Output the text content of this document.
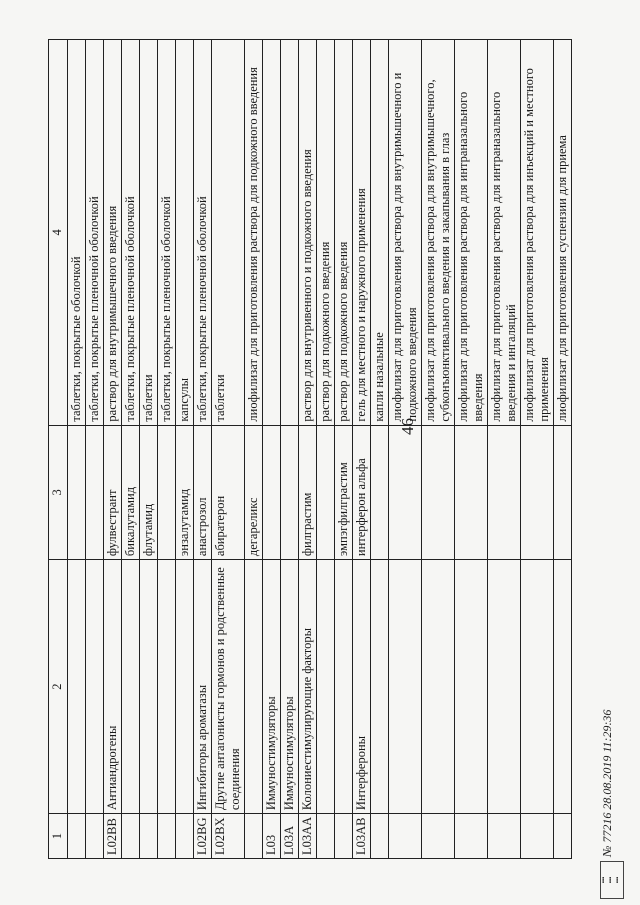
46
1	2	3	4
			таблетки, покрытые оболочкой
			таблетки, покрытые пленочной оболочкой
L02BB	Антиандрогены	фулвестрант	раствор для внутримышечного введения
		бикалутамид	таблетки, покрытые пленочной оболочкой
		флутамид	таблетки
			таблетки, покрытые пленочной оболочкой
		энзалутамид	капсулы
L02BG	Ингибиторы ароматазы	анастрозол	таблетки, покрытые пленочной оболочкой
L02BX	Другие антагонисты гормонов и родственные соединения	абиратерон	таблетки
		дегареликс	лиофилизат для приготовления раствора для подкожного введения
L03	Иммуностимуляторы		
L03A	Иммуностимуляторы		
L03AA	Колониестимулирующие факторы	филграстим	раствор для внутривенного и подкожного введения
			раствор для подкожного введения
		эмпэгфилграстим	раствор для подкожного введения
L03AB	Интерфероны	интерферон альфа	гель для местного и наружного применения
			капли назальные
			лиофилизат для приготовления раствора для внутримышечного и подкожного введения
			лиофилизат для приготовления раствора для внутримышечного, субконъюнктивального введения и закапывания в глаз
			лиофилизат для приготовления раствора для интраназального введения
			лиофилизат для приготовления раствора для интраназального введения и ингаляций
			лиофилизат для приготовления раствора для инъекций и местного применения
			лиофилизат для приготовления суспензии для приема
▪▪▪
▪▪▪
▪▪▪
№ 77216 28.08.2019 11:29:36
